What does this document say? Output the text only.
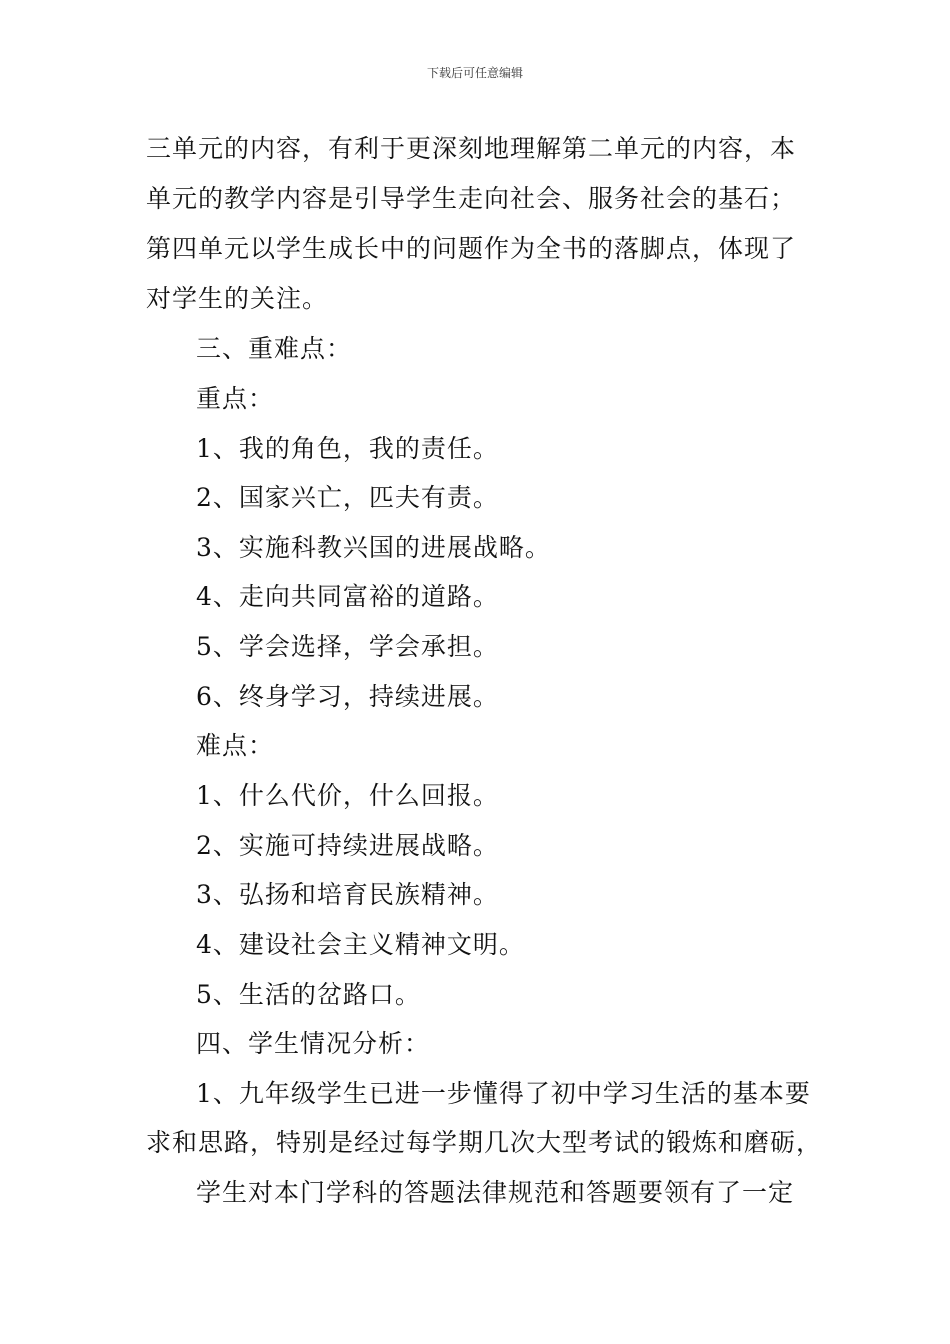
下载后可任意编辑
三单元的内容，有利于更深刻地理解第二单元的内容，本
单元的教学内容是引导学生走向社会、服务社会的基石；
第四单元以学生成长中的问题作为全书的落脚点，体现了
对学生的关注。
三、重难点：
重点：
1、我的角色，我的责任。
2、国家兴亡，匹夫有责。
3、实施科教兴国的进展战略。
4、走向共同富裕的道路。
5、学会选择，学会承担。
6、终身学习，持续进展。
难点：
1、什么代价，什么回报。
2、实施可持续进展战略。
3、弘扬和培育民族精神。
4、建设社会主义精神文明。
5、生活的岔路口。
四、学生情况分析：
1、九年级学生已进一步懂得了初中学习生活的基本要
求和思路，特别是经过每学期几次大型考试的锻炼和磨砺，
学生对本门学科的答题法律规范和答题要领有了一定
